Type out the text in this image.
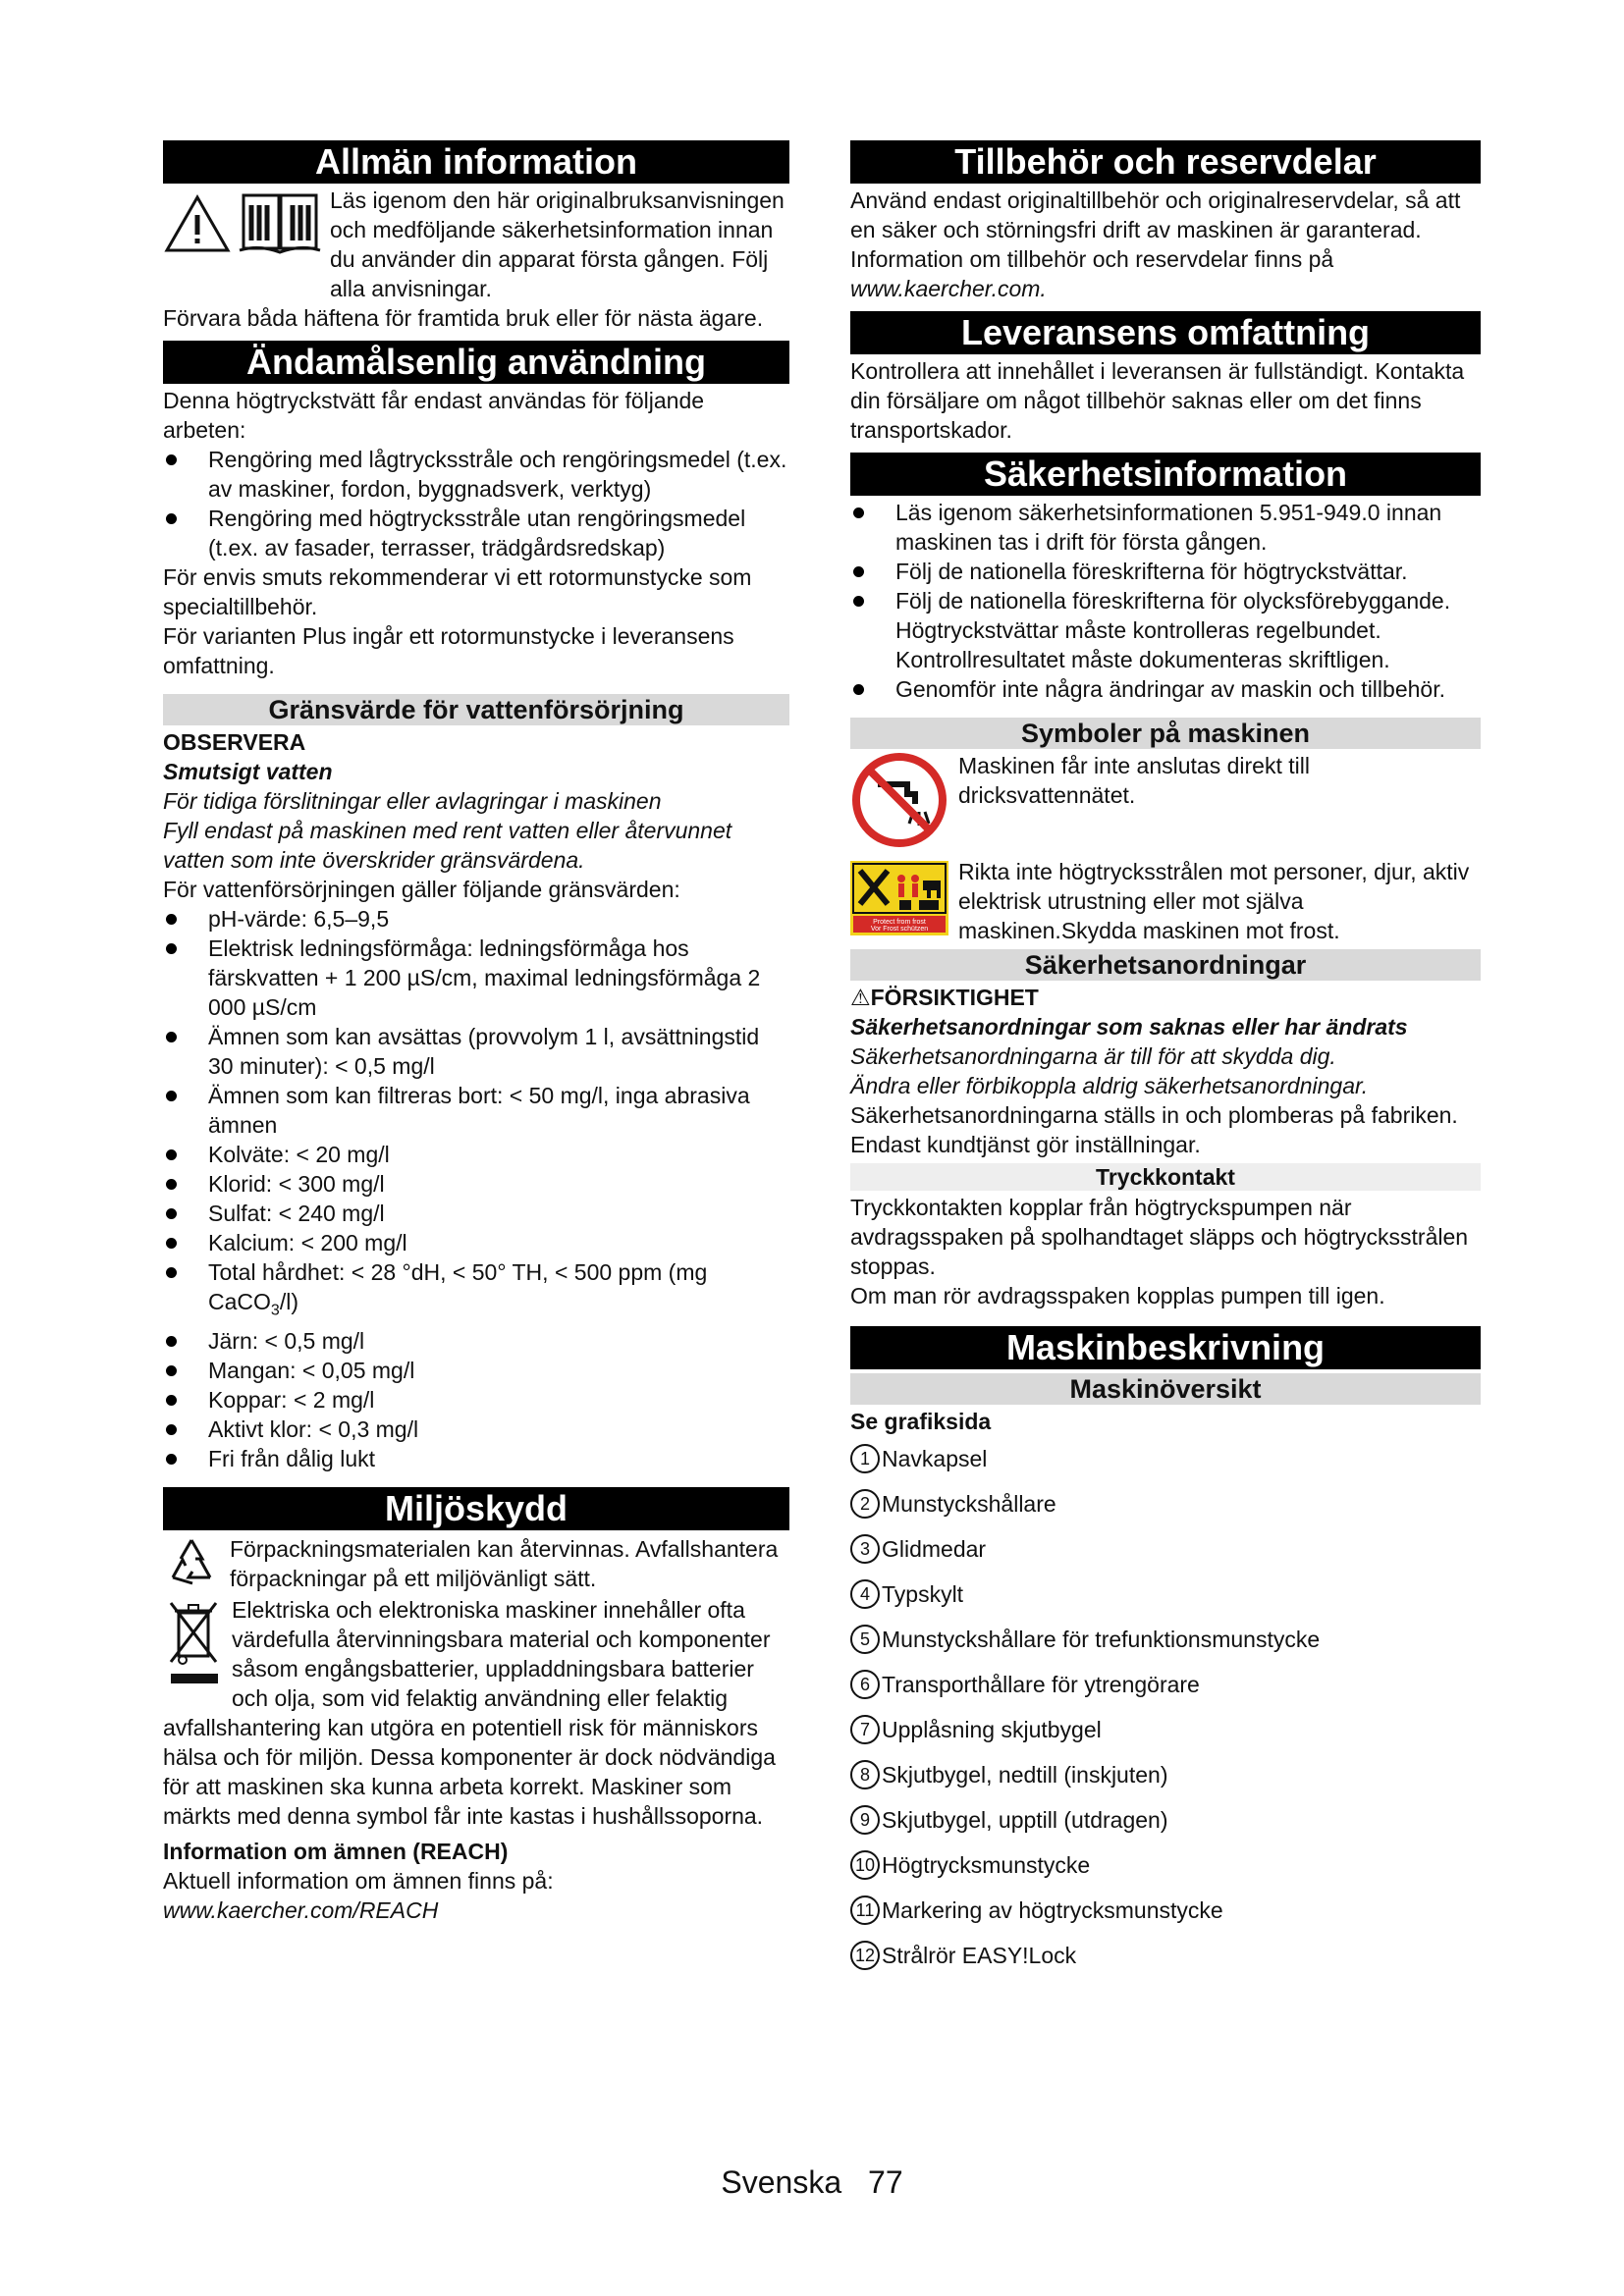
Allmän information

Läs igenom den här originalbruksanvisningen och medföljande säkerhetsinformation innan du använder din apparat första gången. Följ alla anvisningar.

Förvara båda häftena för framtida bruk eller för nästa ägare.

Ändamålsenlig användning

Denna högtryckstvätt får endast användas för följande arbeten:

Rengöring med lågtrycksstråle och rengöringsmedel (t.ex. av maskiner, fordon, byggnadsverk, verktyg)
Rengöring med högtrycksstråle utan rengöringsmedel (t.ex. av fasader, terrasser, trädgårdsredskap)

För envis smuts rekommenderar vi ett rotormunstycke som specialtillbehör.

För varianten Plus ingår ett rotormunstycke i leveransens omfattning.

Gränsvärde för vattenförsörjning

OBSERVERA

Smutsigt vatten

För tidiga förslitningar eller avlagringar i maskinen

Fyll endast på maskinen med rent vatten eller återvunnet vatten som inte överskrider gränsvärdena.

För vattenförsörjningen gäller följande gränsvärden:

pH-värde: 6,5–9,5
Elektrisk ledningsförmåga: ledningsförmåga hos färskvatten + 1 200 µS/cm, maximal ledningsförmåga 2 000 µS/cm
Ämnen som kan avsättas (provvolym 1 l, avsättningstid 30 minuter): < 0,5 mg/l
Ämnen som kan filtreras bort: < 50 mg/l, inga abrasiva ämnen
Kolväte: < 20 mg/l
Klorid: < 300 mg/l
Sulfat: < 240 mg/l
Kalcium: < 200 mg/l
Total hårdhet: < 28 °dH, < 50° TH, < 500 ppm (mg CaCO$_3$/l)
Järn: < 0,5 mg/l
Mangan: < 0,05 mg/l
Koppar: < 2 mg/l
Aktivt klor: < 0,3 mg/l
Fri från dålig lukt
Miljöskydd

Förpackningsmaterialen kan återvinnas. Avfallshantera förpackningar på ett miljövänligt sätt.

Elektriska och elektroniska maskiner innehåller ofta värdefulla återvinningsbara material och komponenter såsom engångsbatterier, uppladdningsbara batterier och olja, som vid felaktig användning eller felaktig avfallshantering kan utgöra en potentiell risk för människors hälsa och för miljön. Dessa komponenter är dock nödvändiga för att maskinen ska kunna arbeta korrekt. Maskiner som märkts med denna symbol får inte kastas i hushållssoporna.

Information om ämnen (REACH)

Aktuell information om ämnen finns på: www.kaercher.com/REACH

Tillbehör och reservdelar

Använd endast originaltillbehör och originalreservdelar, så att en säker och störningsfri drift av maskinen är garanterad.

Information om tillbehör och reservdelar finns på

www.kaercher.com.

Leveransens omfattning

Kontrollera att innehållet i leveransen är fullständigt. Kontakta din försäljare om något tillbehör saknas eller om det finns transportskador.

Säkerhetsinformation
Läs igenom säkerhetsinformationen 5.951-949.0 innan maskinen tas i drift för första gången.
Följ de nationella föreskrifterna för högtryckstvättar.
Följ de nationella föreskrifterna för olycksförebyggande. Högtryckstvättar måste kontrolleras regelbundet. Kontrollresultatet måste dokumenteras skriftligen.
Genomför inte några ändringar av maskin och tillbehör.
Symboler på maskinen

Maskinen får inte anslutas direkt till dricksvattennätet.

Protect from frost
Vor Frost schützen

Rikta inte högtrycksstrålen mot personer, djur, aktiv elektrisk utrustning eller mot själva maskinen.Skydda maskinen mot frost.

Säkerhetsanordningar

⚠FÖRSIKTIGHET

Säkerhetsanordningar som saknas eller har ändrats

Säkerhetsanordningarna är till för att skydda dig.

Ändra eller förbikoppla aldrig säkerhetsanordningar.

Säkerhetsanordningarna ställs in och plomberas på fabriken. Endast kundtjänst gör inställningar.

Tryckkontakt

Tryckkontakten kopplar från högtryckspumpen när avdragsspaken på spolhandtaget släpps och högtrycksstrålen stoppas.

Om man rör avdragsspaken kopplas pumpen till igen.

Maskinbeskrivning
Maskinöversikt

Se grafiksida

1 Navkapsel
2 Munstyckshållare
3 Glidmedar
4 Typskylt
5 Munstyckshållare för trefunktionsmunstycke
6 Transporthållare för ytrengörare
7 Upplåsning skjutbygel
8 Skjutbygel, nedtill (inskjuten)
9 Skjutbygel, upptill (utdragen)
10 Högtrycksmunstycke
11 Markering av högtrycksmunstycke
12 Strålrör EASY!Lock
Svenska 77
